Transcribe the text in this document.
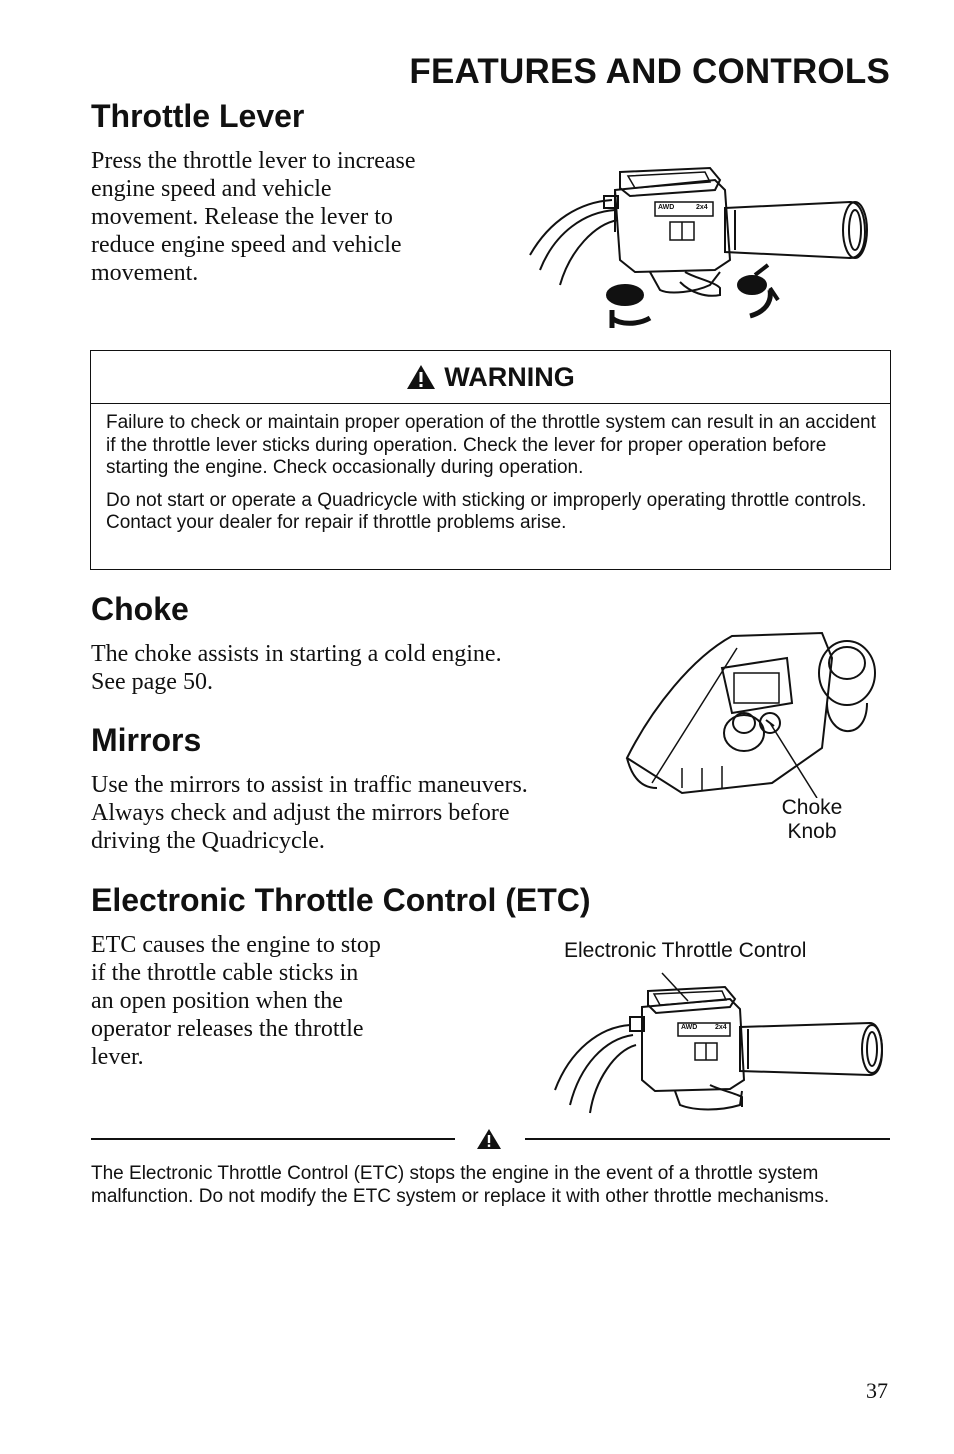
FEATURES AND CONTROLS
Throttle Lever
Press the throttle lever to increase
engine speed and vehicle
movement. Release the lever to
reduce engine speed and vehicle
movement.
AWD	2x4
WARNING

Failure to check or maintain proper operation of the throttle system can result in an accident if the throttle lever sticks during operation. Check the lever for proper operation before starting the engine. Check occasionally during operation.

Do not start or operate a Quadricycle with sticking or improperly operating throttle controls. Contact your dealer for repair if throttle problems arise.

Choke
The choke assists in starting a cold engine.
See page 50.
Mirrors
Use the mirrors to assist in traffic maneuvers.
Always check and adjust the mirrors before
driving the Quadricycle.
Choke
Knob
Electronic Throttle Control (ETC)
ETC causes the engine to stop
if the throttle cable sticks in
an open position when the
operator releases the throttle
lever.
Electronic Throttle Control
AWD	2x4
The Electronic Throttle Control (ETC) stops the engine in the event of a throttle system malfunction. Do not modify the ETC system or replace it with other throttle mechanisms.
37
